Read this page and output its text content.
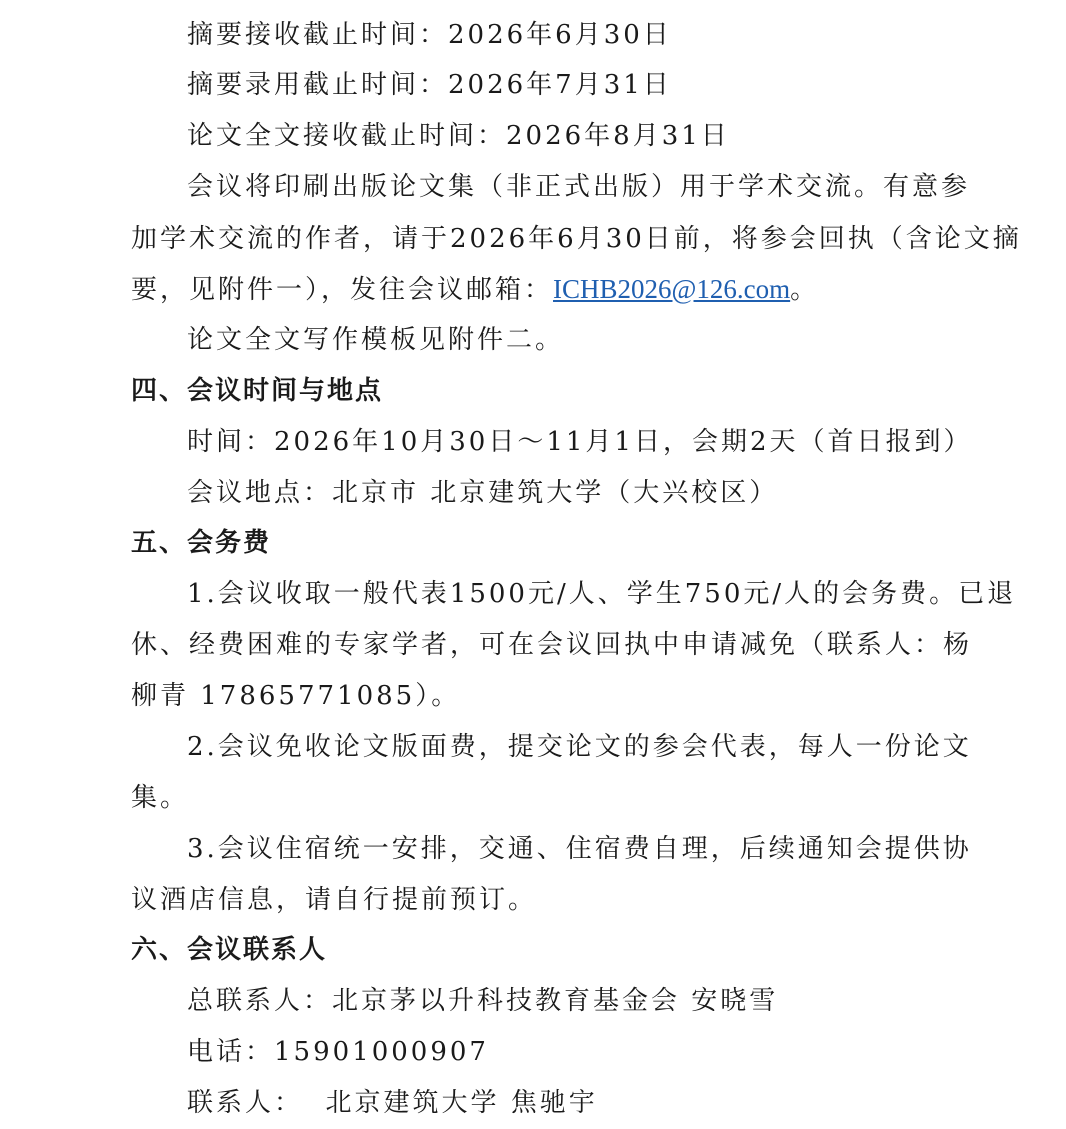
摘要接收截止时间：2026年6月30日
摘要录用截止时间：2026年7月31日
论文全文接收截止时间：2026年8月31日
会议将印刷出版论文集（非正式出版）用于学术交流。有意参
加学术交流的作者，请于2026年6月30日前，将参会回执（含论文摘
要，见附件一），发往会议邮箱：ICHB2026@126.com。
论文全文写作模板见附件二。
四、会议时间与地点
时间：2026年10月30日～11月1日，会期2天（首日报到）
会议地点：北京市 北京建筑大学（大兴校区）
五、会务费
1.会议收取一般代表1500元/人、学生750元/人的会务费。已退
休、经费困难的专家学者，可在会议回执中申请减免（联系人：杨
柳青 17865771085）。
2.会议免收论文版面费，提交论文的参会代表，每人一份论文
集。
3.会议住宿统一安排，交通、住宿费自理，后续通知会提供协
议酒店信息，请自行提前预订。
六、会议联系人
总联系人：北京茅以升科技教育基金会 安晓雪
电话：15901000907
联系人：  北京建筑大学 焦驰宇
